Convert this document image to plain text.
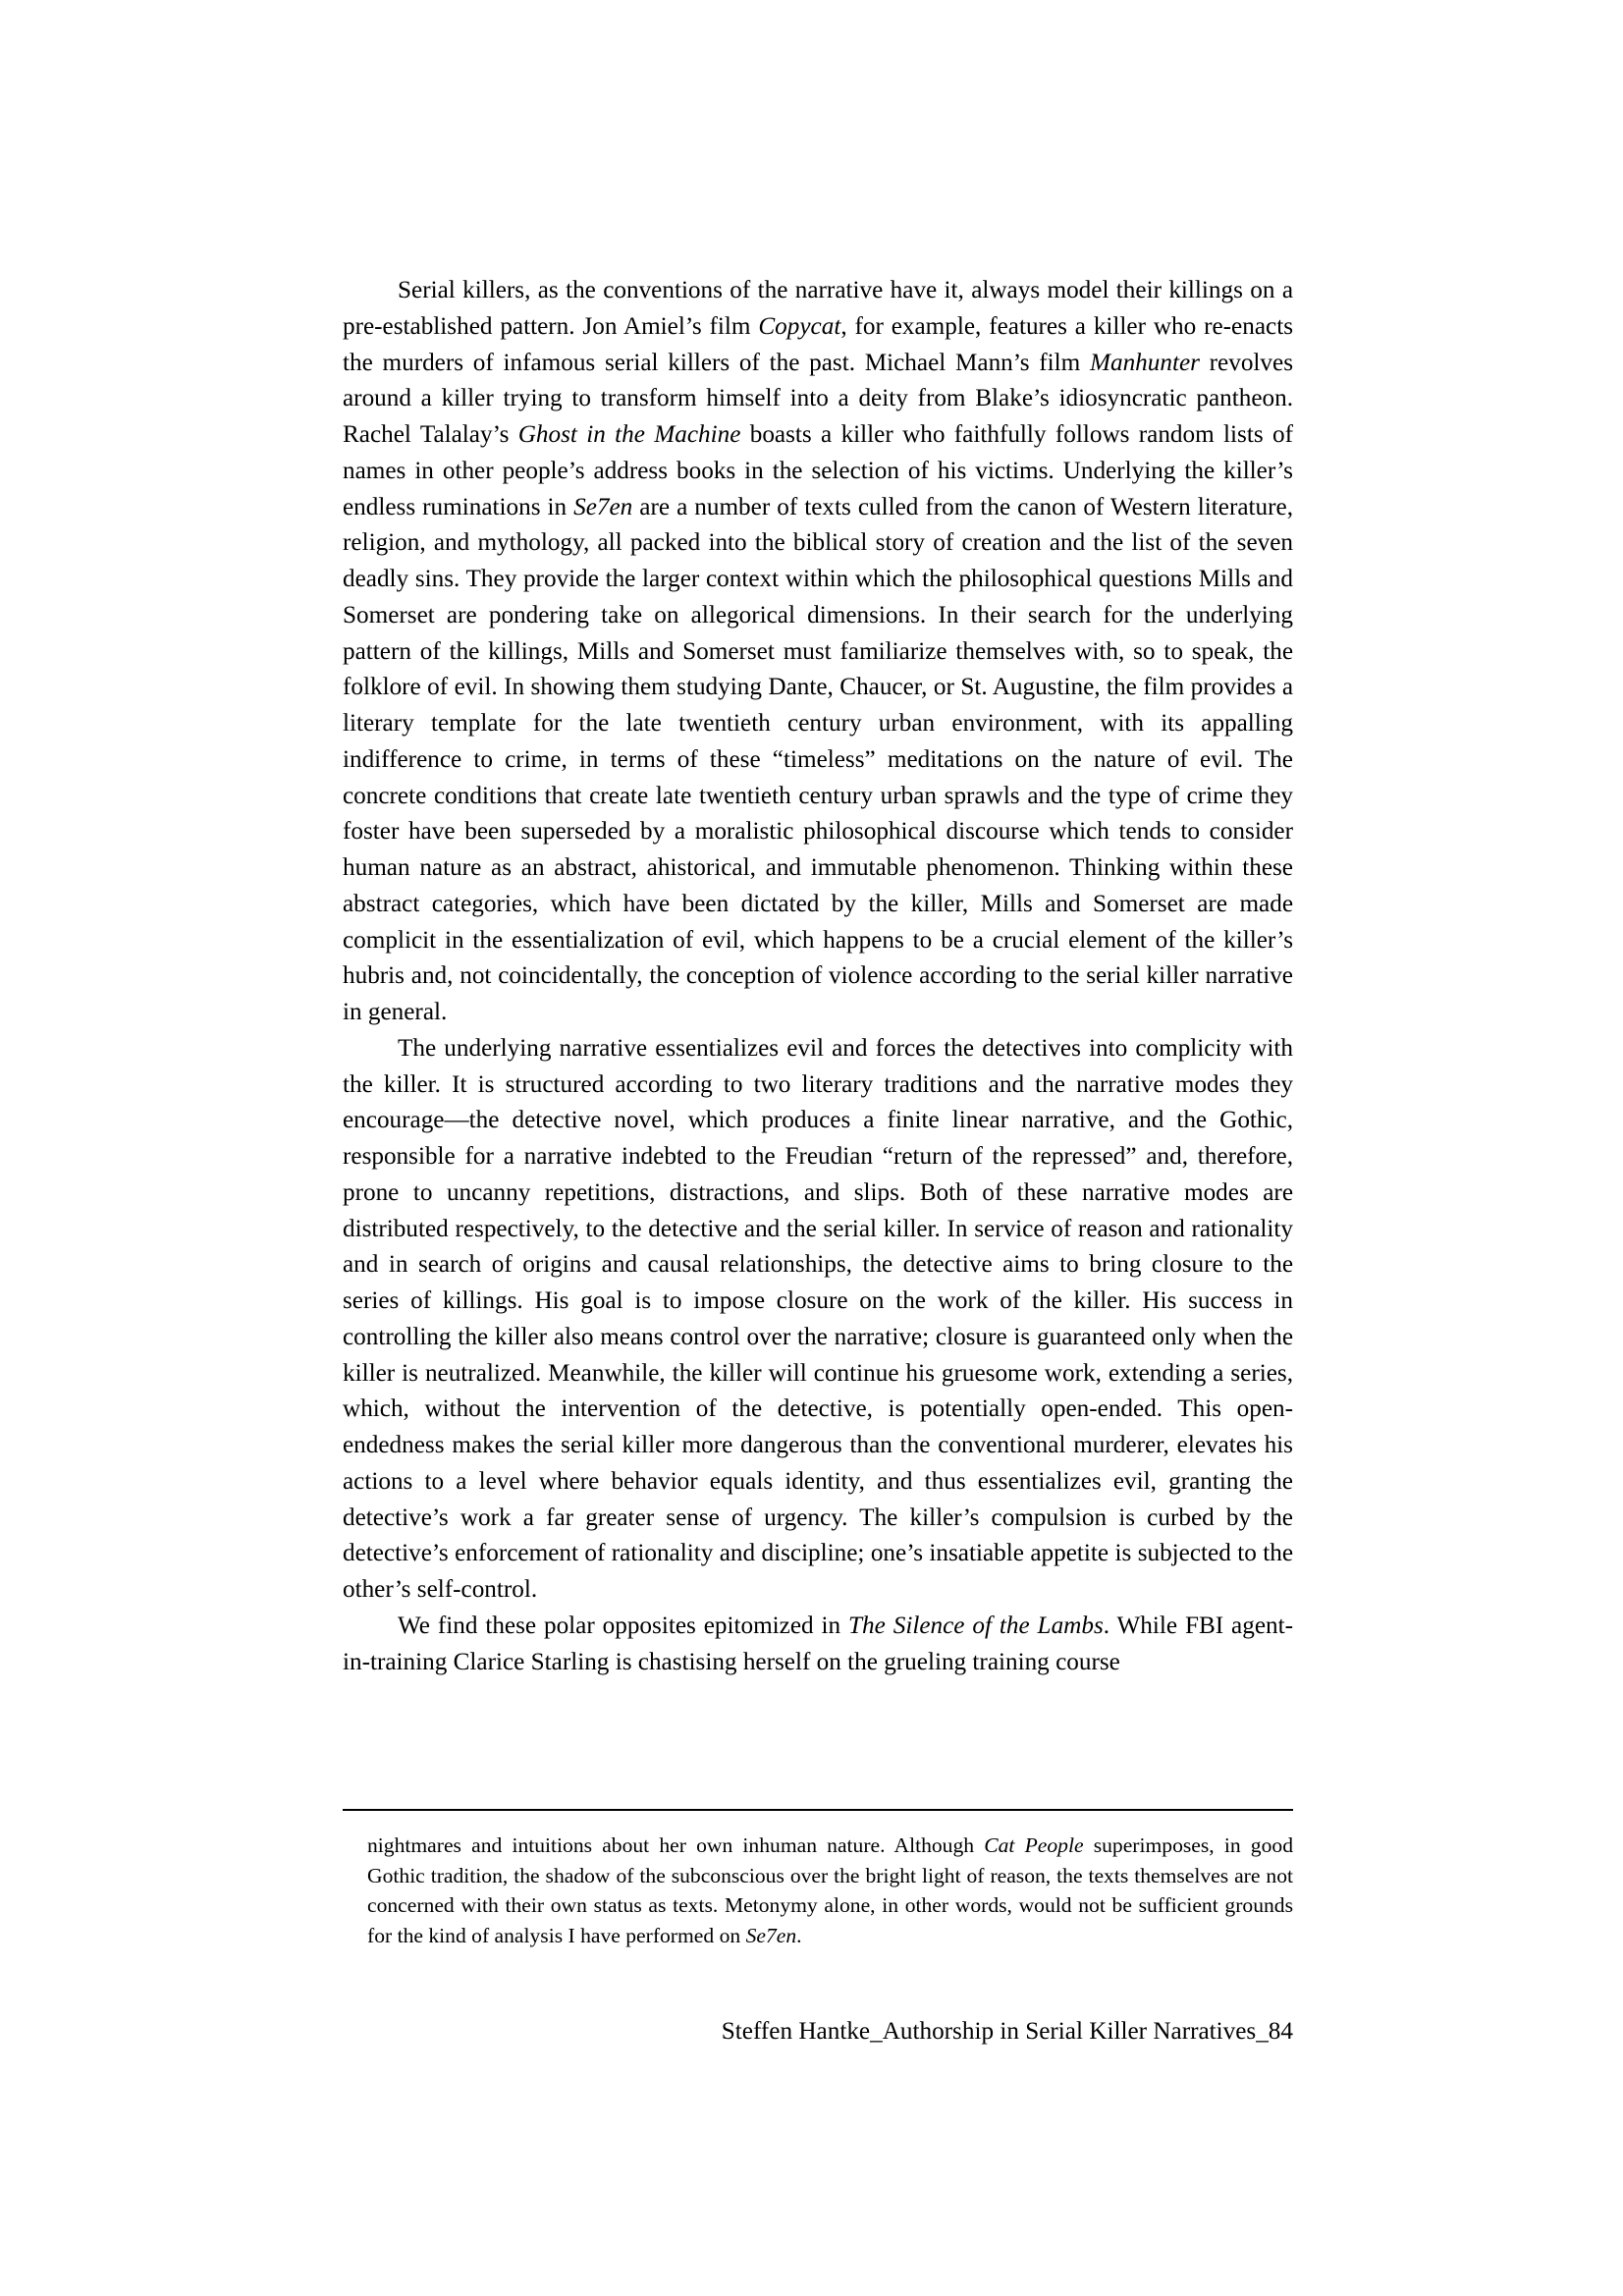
Serial killers, as the conventions of the narrative have it, always model their killings on a pre-established pattern. Jon Amiel’s film Copycat, for example, features a killer who re-enacts the murders of infamous serial killers of the past. Michael Mann’s film Manhunter revolves around a killer trying to transform himself into a deity from Blake’s idiosyncratic pantheon. Rachel Talalay’s Ghost in the Machine boasts a killer who faithfully follows random lists of names in other people’s address books in the selection of his victims. Underlying the killer’s endless ruminations in Se7en are a number of texts culled from the canon of Western literature, religion, and mythology, all packed into the biblical story of creation and the list of the seven deadly sins. They provide the larger context within which the philosophical questions Mills and Somerset are pondering take on allegorical dimensions. In their search for the underlying pattern of the killings, Mills and Somerset must familiarize themselves with, so to speak, the folklore of evil. In showing them studying Dante, Chaucer, or St. Augustine, the film provides a literary template for the late twentieth century urban environment, with its appalling indifference to crime, in terms of these “timeless” meditations on the nature of evil. The concrete conditions that create late twentieth century urban sprawls and the type of crime they foster have been superseded by a moralistic philosophical discourse which tends to consider human nature as an abstract, ahistorical, and immutable phenomenon. Thinking within these abstract categories, which have been dictated by the killer, Mills and Somerset are made complicit in the essentialization of evil, which happens to be a crucial element of the killer’s hubris and, not coincidentally, the conception of violence according to the serial killer narrative in general.

The underlying narrative essentializes evil and forces the detectives into complicity with the killer. It is structured according to two literary traditions and the narrative modes they encourage—the detective novel, which produces a finite linear narrative, and the Gothic, responsible for a narrative indebted to the Freudian “return of the repressed” and, therefore, prone to uncanny repetitions, distractions, and slips. Both of these narrative modes are distributed respectively, to the detective and the serial killer. In service of reason and rationality and in search of origins and causal relationships, the detective aims to bring closure to the series of killings. His goal is to impose closure on the work of the killer. His success in controlling the killer also means control over the narrative; closure is guaranteed only when the killer is neutralized. Meanwhile, the killer will continue his gruesome work, extending a series, which, without the intervention of the detective, is potentially open-ended. This open-endedness makes the serial killer more dangerous than the conventional murderer, elevates his actions to a level where behavior equals identity, and thus essentializes evil, granting the detective’s work a far greater sense of urgency. The killer’s compulsion is curbed by the detective’s enforcement of rationality and discipline; one’s insatiable appetite is subjected to the other’s self-control.

We find these polar opposites epitomized in The Silence of the Lambs. While FBI agent-in-training Clarice Starling is chastising herself on the grueling training course

nightmares and intuitions about her own inhuman nature. Although Cat People superimposes, in good Gothic tradition, the shadow of the subconscious over the bright light of reason, the texts themselves are not concerned with their own status as texts. Metonymy alone, in other words, would not be sufficient grounds for the kind of analysis I have performed on Se7en.

Steffen Hantke_Authorship in Serial Killer Narratives_84
